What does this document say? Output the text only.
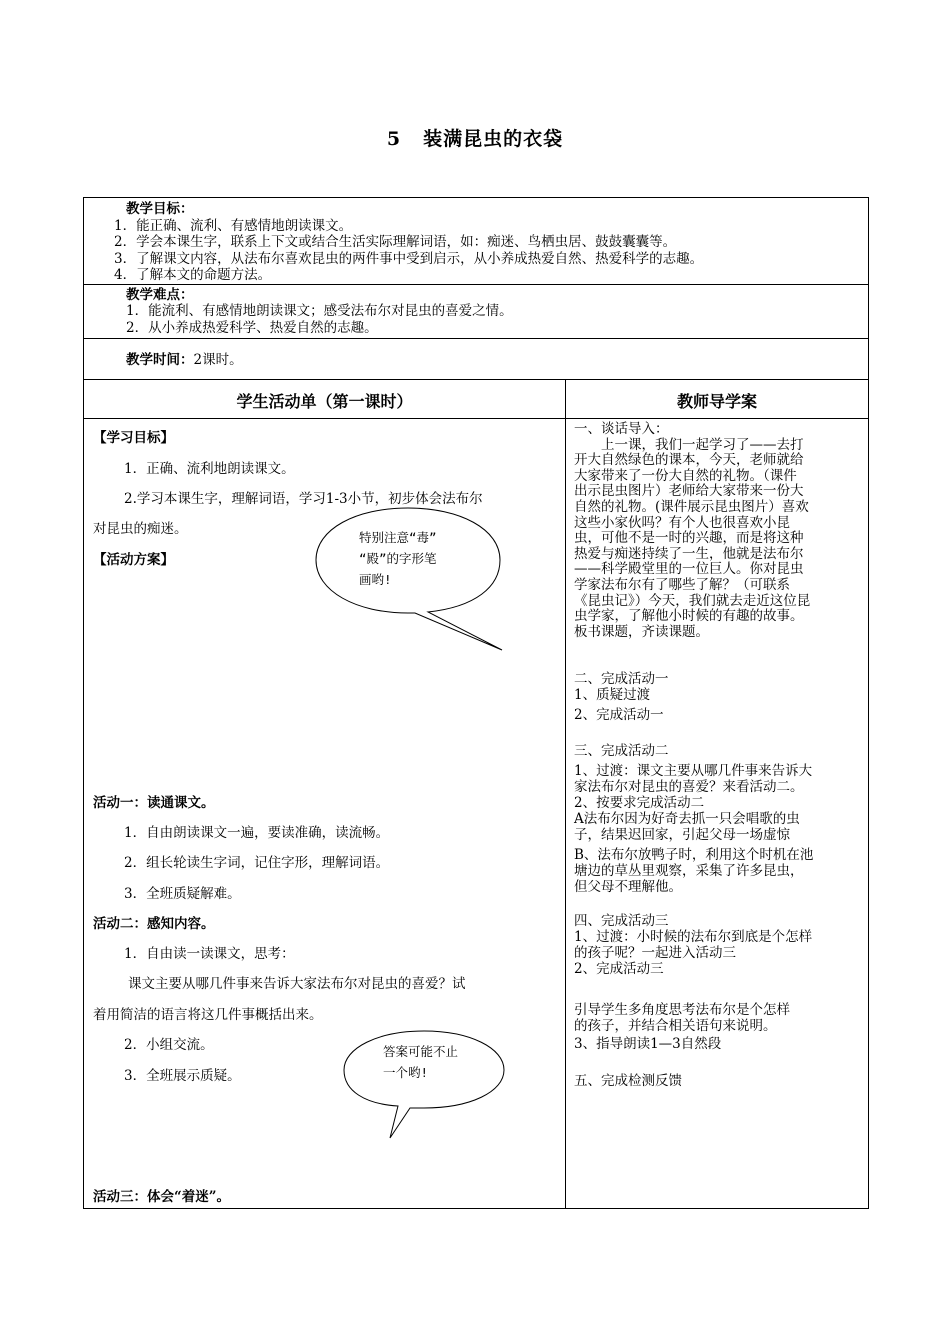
5 装满昆虫的衣袋
教学目标：
1．能正确、流利、有感情地朗读课文。
2．学会本课生字，联系上下文或结合生活实际理解词语，如：痴迷、鸟栖虫居、鼓鼓囊囊等。
3．了解课文内容，从法布尔喜欢昆虫的两件事中受到启示，从小养成热爱自然、热爱科学的志趣。
4．了解本文的命题方法。
教学难点：
1．能流利、有感情地朗读课文；感受法布尔对昆虫的喜爱之情。
2．从小养成热爱科学、热爱自然的志趣。
教学时间：2课时。
学生活动单（第一课时）	教师导学案
【学习目标】
1．正确、流利地朗读课文。
2.学习本课生字，理解词语，学习1-3小节，初步体会法布尔
对昆虫的痴迷。
【活动方案】
特别注意“毒”
“殿”的字形笔
画哟!
活动一：读通课文。
1．自由朗读课文一遍，要读准确，读流畅。
2．组长轮读生字词，记住字形，理解词语。
3．全班质疑解难。
活动二：感知内容。
1．自由读一读课文，思考：
课文主要从哪几件事来告诉大家法布尔对昆虫的喜爱？试
着用简洁的语言将这几件事概括出来。
2．小组交流。
3．全班展示质疑。
答案可能不止
一个哟!
活动三：体会“着迷”。
一、谈话导入：
　　上一课，我们一起学习了——去打
开大自然绿色的课本，今天，老师就给
大家带来了一份大自然的礼物。（课件
出示昆虫图片）老师给大家带来一份大
自然的礼物。(课件展示昆虫图片）喜欢
这些小家伙吗？有个人也很喜欢小昆
虫，可他不是一时的兴趣，而是将这种
热爱与痴迷持续了一生，他就是法布尔
——科学殿堂里的一位巨人。你对昆虫
学家法布尔有了哪些了解？（可联系
《昆虫记》）今天，我们就去走近这位昆
虫学家，了解他小时候的有趣的故事。
板书课题，齐读课题。
二、完成活动一
1、质疑过渡
2、完成活动一
三、完成活动二
1、过渡：课文主要从哪几件事来告诉大
家法布尔对昆虫的喜爱？来看活动二。
2、按要求完成活动二
A法布尔因为好奇去抓一只会唱歌的虫
子，结果迟回家，引起父母一场虚惊
B、法布尔放鸭子时，利用这个时机在池
塘边的草丛里观察，采集了许多昆虫，
但父母不理解他。
四、完成活动三
1、过渡：小时候的法布尔到底是个怎样
的孩子呢？一起进入活动三
2、完成活动三
引导学生多角度思考法布尔是个怎样
的孩子，并结合相关语句来说明。
3、指导朗读1—3自然段
五、完成检测反馈
